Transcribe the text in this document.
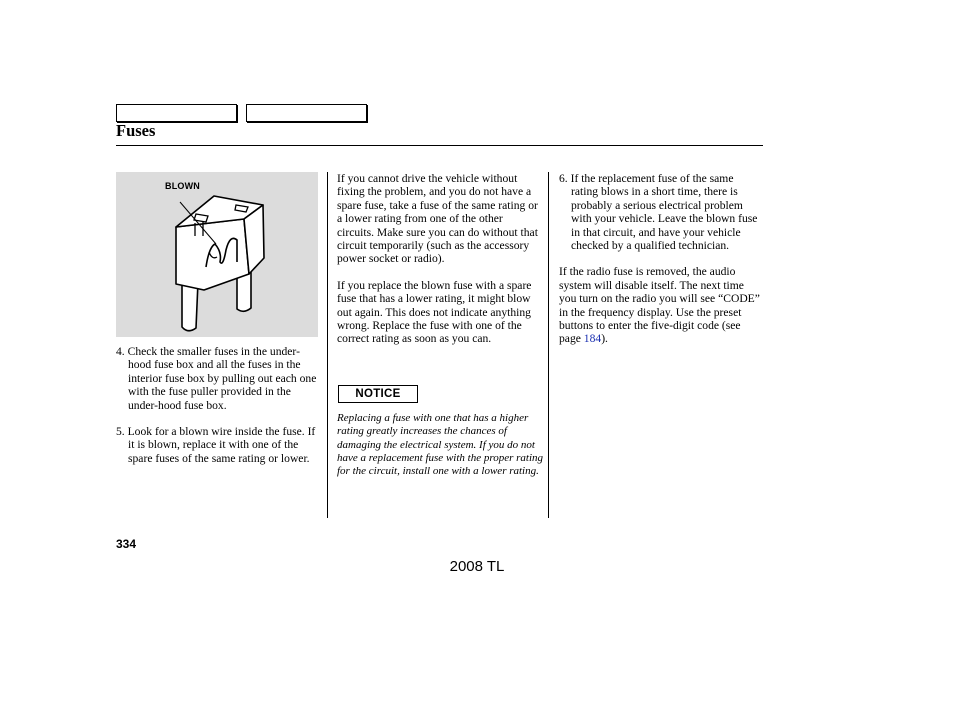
Fuses
BLOWN

4. Check the smaller fuses in the under-hood fuse box and all the fuses in the interior fuse box by pulling out each one with the fuse puller provided in the under-hood fuse box.

5. Look for a blown wire inside the fuse. If it is blown, replace it with one of the spare fuses of the same rating or lower.

If you cannot drive the vehicle without fixing the problem, and you do not have a spare fuse, take a fuse of the same rating or a lower rating from one of the other circuits. Make sure you can do without that circuit temporarily (such as the accessory power socket or radio).

If you replace the blown fuse with a spare fuse that has a lower rating, it might blow out again. This does not indicate anything wrong. Replace the fuse with one of the correct rating as soon as you can.

NOTICE
Replacing a fuse with one that has a higher rating greatly increases the chances of damaging the electrical system. If you do not have a replacement fuse with the proper rating for the circuit, install one with a lower rating.

6. If the replacement fuse of the same rating blows in a short time, there is probably a serious electrical problem with your vehicle. Leave the blown fuse in that circuit, and have your vehicle checked by a qualified technician.

If the radio fuse is removed, the audio system will disable itself. The next time you turn on the radio you will see “CODE” in the frequency display. Use the preset buttons to enter the five-digit code (see page 184).

334
2008 TL
